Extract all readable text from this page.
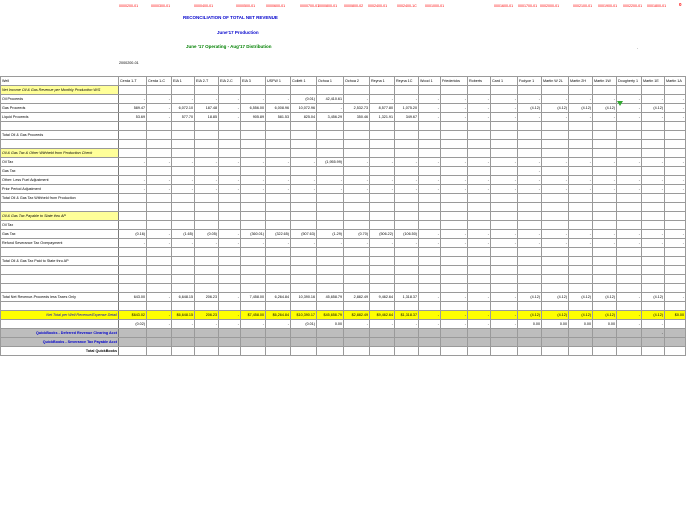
0000200-01	0000300-01	0000400-01	0000500-01	0000600-01	0000700-01
0000800-01 0000800-02 0002400-01	0002400-1C 0001000-01	0001600-01 0001700-01 0002000-01	0002100-01 0001900-01 0002200-01 0001800-01
RECONCILIATION OF TOTAL NET REVENUE
June'17 Production
June '17 Operating - Aug'17 Distribution
2000200-01
0
·
Well	Cerda 1-T	Cerda 1-C	EIA 1	EIA 2-T	EIA 2-C	EIA 3	USFW 1	Collett 1	Ochoa 1	Ochoa 2	Reyna 1	Reyna 1C	Wood 1	Friedericks	Roberts	Card 1	Fodyce 1	Martin W 2L	Martin 2H	Martin 1W	Dougherty 1	Martin 1E	Martin 1A
Net Income Oil & Gas Revenue per Monthly Production W/S																							
Oil Proceeds	-	-	-	-	-	-	-	(0.01)	42,410.61	-	-	-	-	-	-	-	-	-	-	-	-	-	-
Gas Proceeds	589.47	-	6,072.10	187.48	-	6,556.00	6,008.96	10,072.96	-	2,532.73	8,577.80	1,075.20	-	-	-	-	(4.12)	(4.12)	(4.12)	(4.12)	-	(4.12)	-
Liquid Proceeds	53.69	-	577.70	18.85	-	905.89	581.53	825.04	3,456.29	350.46	1,321.91	349.67	-	-	-	-	-	-	-	-	-	-	-

Total Oil & Gas Proceeds																							

Oil & Gas Tax & Other Withheld from Production Check																							
Oil Tax	-	-	-	-	-	-	-	-	(1,955.99)	-	-	-	-	-	-	-	-	-	-	-	-	-	-
Gas Tax																	-						
Other: Less Fuel Adjustment	-	-	-	-	-	-	-	-	-	-	-	-	-	-	-	-	-	-	-	-	-	-	-
Prior Period Adjustment	-	-	-	-	-	-	-	-	-	-	-	-	-	-	-	-	-	-	-	-	-	-	-
Total Oil & Gas Tax Withheld from Production																							

Oil & Gas Tax Payable to State thru AP																							
Oil Tax																							
Gas Tax	(0.16)	-	(1.65)	(0.05)	-	(360.01)	(322.65)	(507.63)	(1.29)	(0.70)	(506.22)	(106.50)	-	-	-	-	-	-	-	-	-	-	-
Refund Severance Tax Overpayment	-	-	-	-	-	-	-	-	-	-	-	-	-	-	-	-	-	-	-	-	-	-	-

Total Oil & Gas Tax Paid to State thru AP																							

Total Net Revenue-Proceeds less Taxes Only	643.00	-	6,648.15	206.23	-	7,458.00	6,264.84	10,390.16	45,658.79	2,882.49	9,462.64	1,318.37	-	-	-	-	(4.12)	(4.12)	(4.12)	(4.12)	-	(4.12)	-

Net Total per Well Revenue/Expense Detail	$643.02	-	$6,648.15	206.23	-	$7,458.00	$6,264.84	$10,390.17	$45,658.79	$2,882.49	$9,462.64	$1,318.37	-	-	-	-	(4.12)	(4.12)	(4.12)	(4.12)	-	(4.12)	$0.00
	(0.02)	-	-	-	-	-	-	(0.01)	0.00	-	-	-	-	-	-	-	0.00	0.00	0.00	0.00	-	-	
QuickBooks - Deferred Revenue Clearing Acct																						-	
QuickBooks - Severance Tax Payable Acct																							
Total QuickBooks																							
